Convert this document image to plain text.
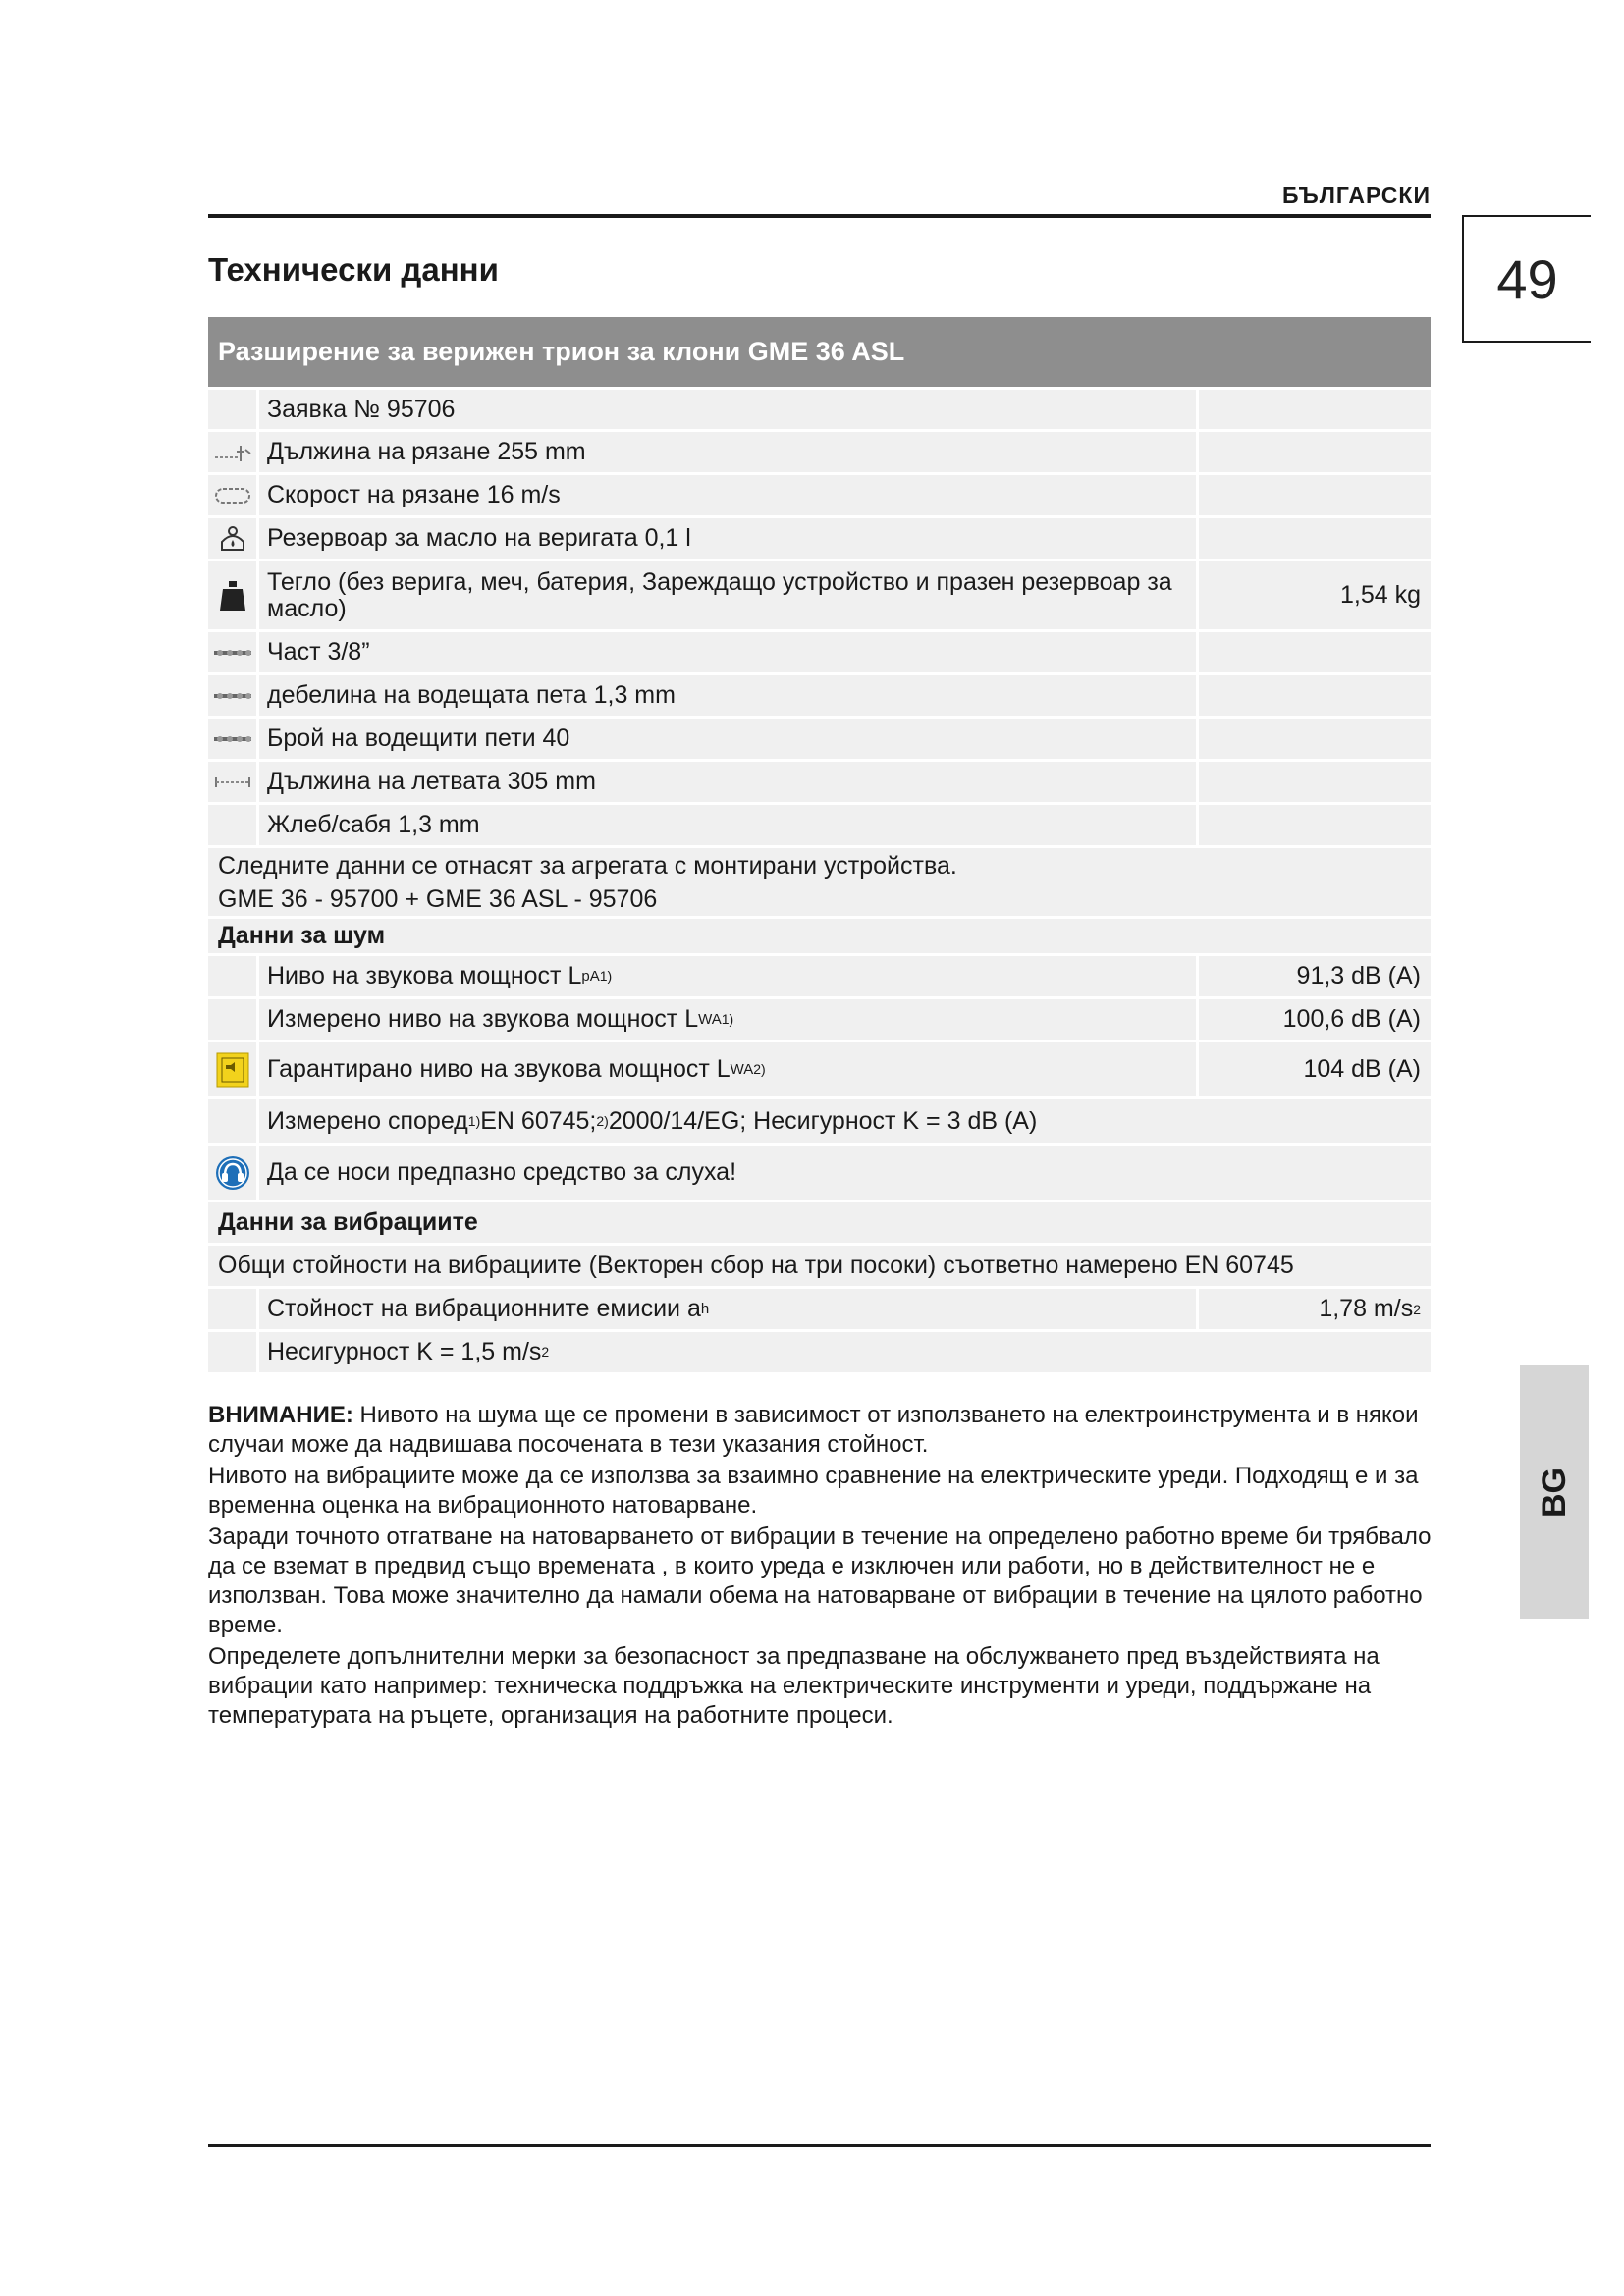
БЪЛГАРСКИ
49
Технически данни
Разширение за верижен трион за клони GME 36 ASL
Заявка № 95706
Дължина на рязане 255 mm
Скорост на рязане 16 m/s
Резервоар за масло на веригата 0,1 l
Тегло (без верига, меч, батерия, Зареждащо устройство и празен резервоар за масло)	1,54 kg
Част 3/8”
дебелина на водещата пета 1,3 mm
Брой на водещити пети 40
Дължина на летвата 305 mm
Жлеб/сабя 1,3 mm
Следните данни се отнасят за агрегата с монтирани устройства.
GME 36 - 95700 + GME 36 ASL - 95706
Данни за шум
Ниво на звукова мощност L pA 1)	91,3 dB (A)
Измерено ниво на звукова мощност L WA 1)	100,6 dB (A)
Гарантирано ниво на звукова мощност L WA 2)	104 dB (A)
Измерено според 1) EN 60745; 2) 2000/14/EG; Несигурност K = 3 dB (A)
Да се носи предпазно средство за слуха!
Данни за вибрациите
Общи стойности на вибрациите (Векторен сбор на три посоки) съответно намерено EN 60745
Стойност на вибрационните емисии a h	1,78 m/s 2
Несигурност K = 1,5 m/s 2

ВНИМАНИЕ: Нивото на шума ще се промени в зависимост от използването на електроинструмента и в някои случаи може да надвишава посочената в тези указания стойност.

Нивото на вибрациите може да се използва за взаимно сравнение на електрическите уреди. Подходящ е и за временна оценка на вибрационното натоварване.

Заради точното отгатване на натоварването от вибрации в течение на определено работно време би трябвало да се вземат в предвид също времената , в които уреда е изключен или работи, но в действителност не е използван. Това може значително да намали обема на натоварване от вибрации в течение на цялото работно време.

Определете допълнителни мерки за безопасност за предпазване на обслужването пред въздействията на вибрации като например: техническа поддръжка на електрическите инструменти и уреди, поддържане на температурата на ръцете, организация на работните процеси.

BG
